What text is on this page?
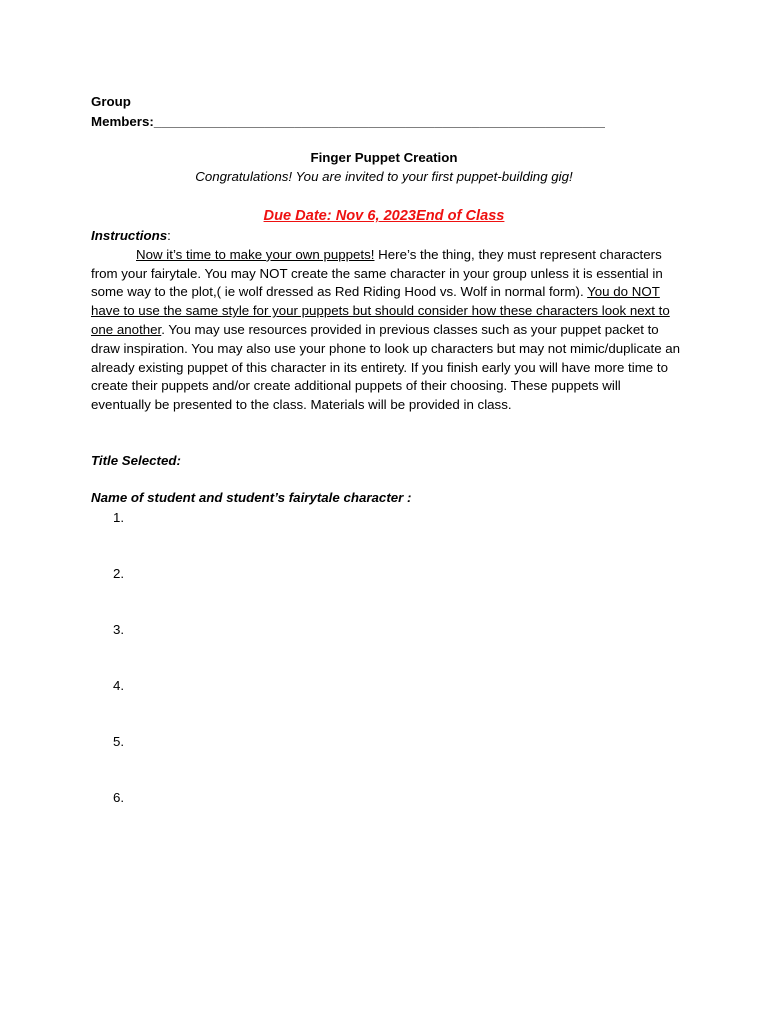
Group
Members:_____________________________________________________________
Finger Puppet Creation
Congratulations! You are invited to your first puppet-building gig!
Due Date: Nov 6, 2023End of Class
Instructions:

Now it’s time to make your own puppets! Here’s the thing, they must represent characters from your fairytale. You may NOT create the same character in your group unless it is essential in some way to the plot,( ie wolf dressed as Red Riding Hood vs. Wolf in normal form). You do NOT have to use the same style for your puppets but should consider how these characters look next to one another. You may use resources provided in previous classes such as your puppet packet to draw inspiration. You may also use your phone to look up characters but may not mimic/duplicate an already existing puppet of this character in its entirety. If you finish early you will have more time to create their puppets and/or create additional puppets of their choosing. These puppets will eventually be presented to the class. Materials will be provided in class.

Title Selected:
Name of student and student’s fairytale character :
1.
2.
3.
4.
5.
6.
